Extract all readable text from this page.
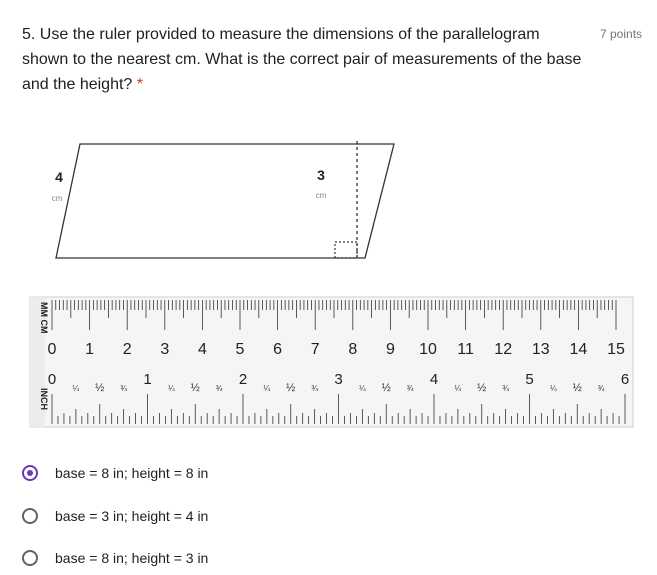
5. Use the ruler provided to measure the dimensions of the parallelogram shown to the nearest cm. What is the correct pair of measurements of the base and the height? *
7 points
4
cm
3
cm
MM CM
INCH
0 1 2 3 4 5 6 7 8 9 10 11 12 13 14 15
0	1	2	3	4	5	6
¼ ½ ¾	¼ ½ ¾	¼ ½ ¾	¼ ½ ¾	¼ ½ ¾	¼ ½ ¾
base = 8 in; height = 8 in
base = 3 in; height = 4 in
base = 8 in; height = 3 in
